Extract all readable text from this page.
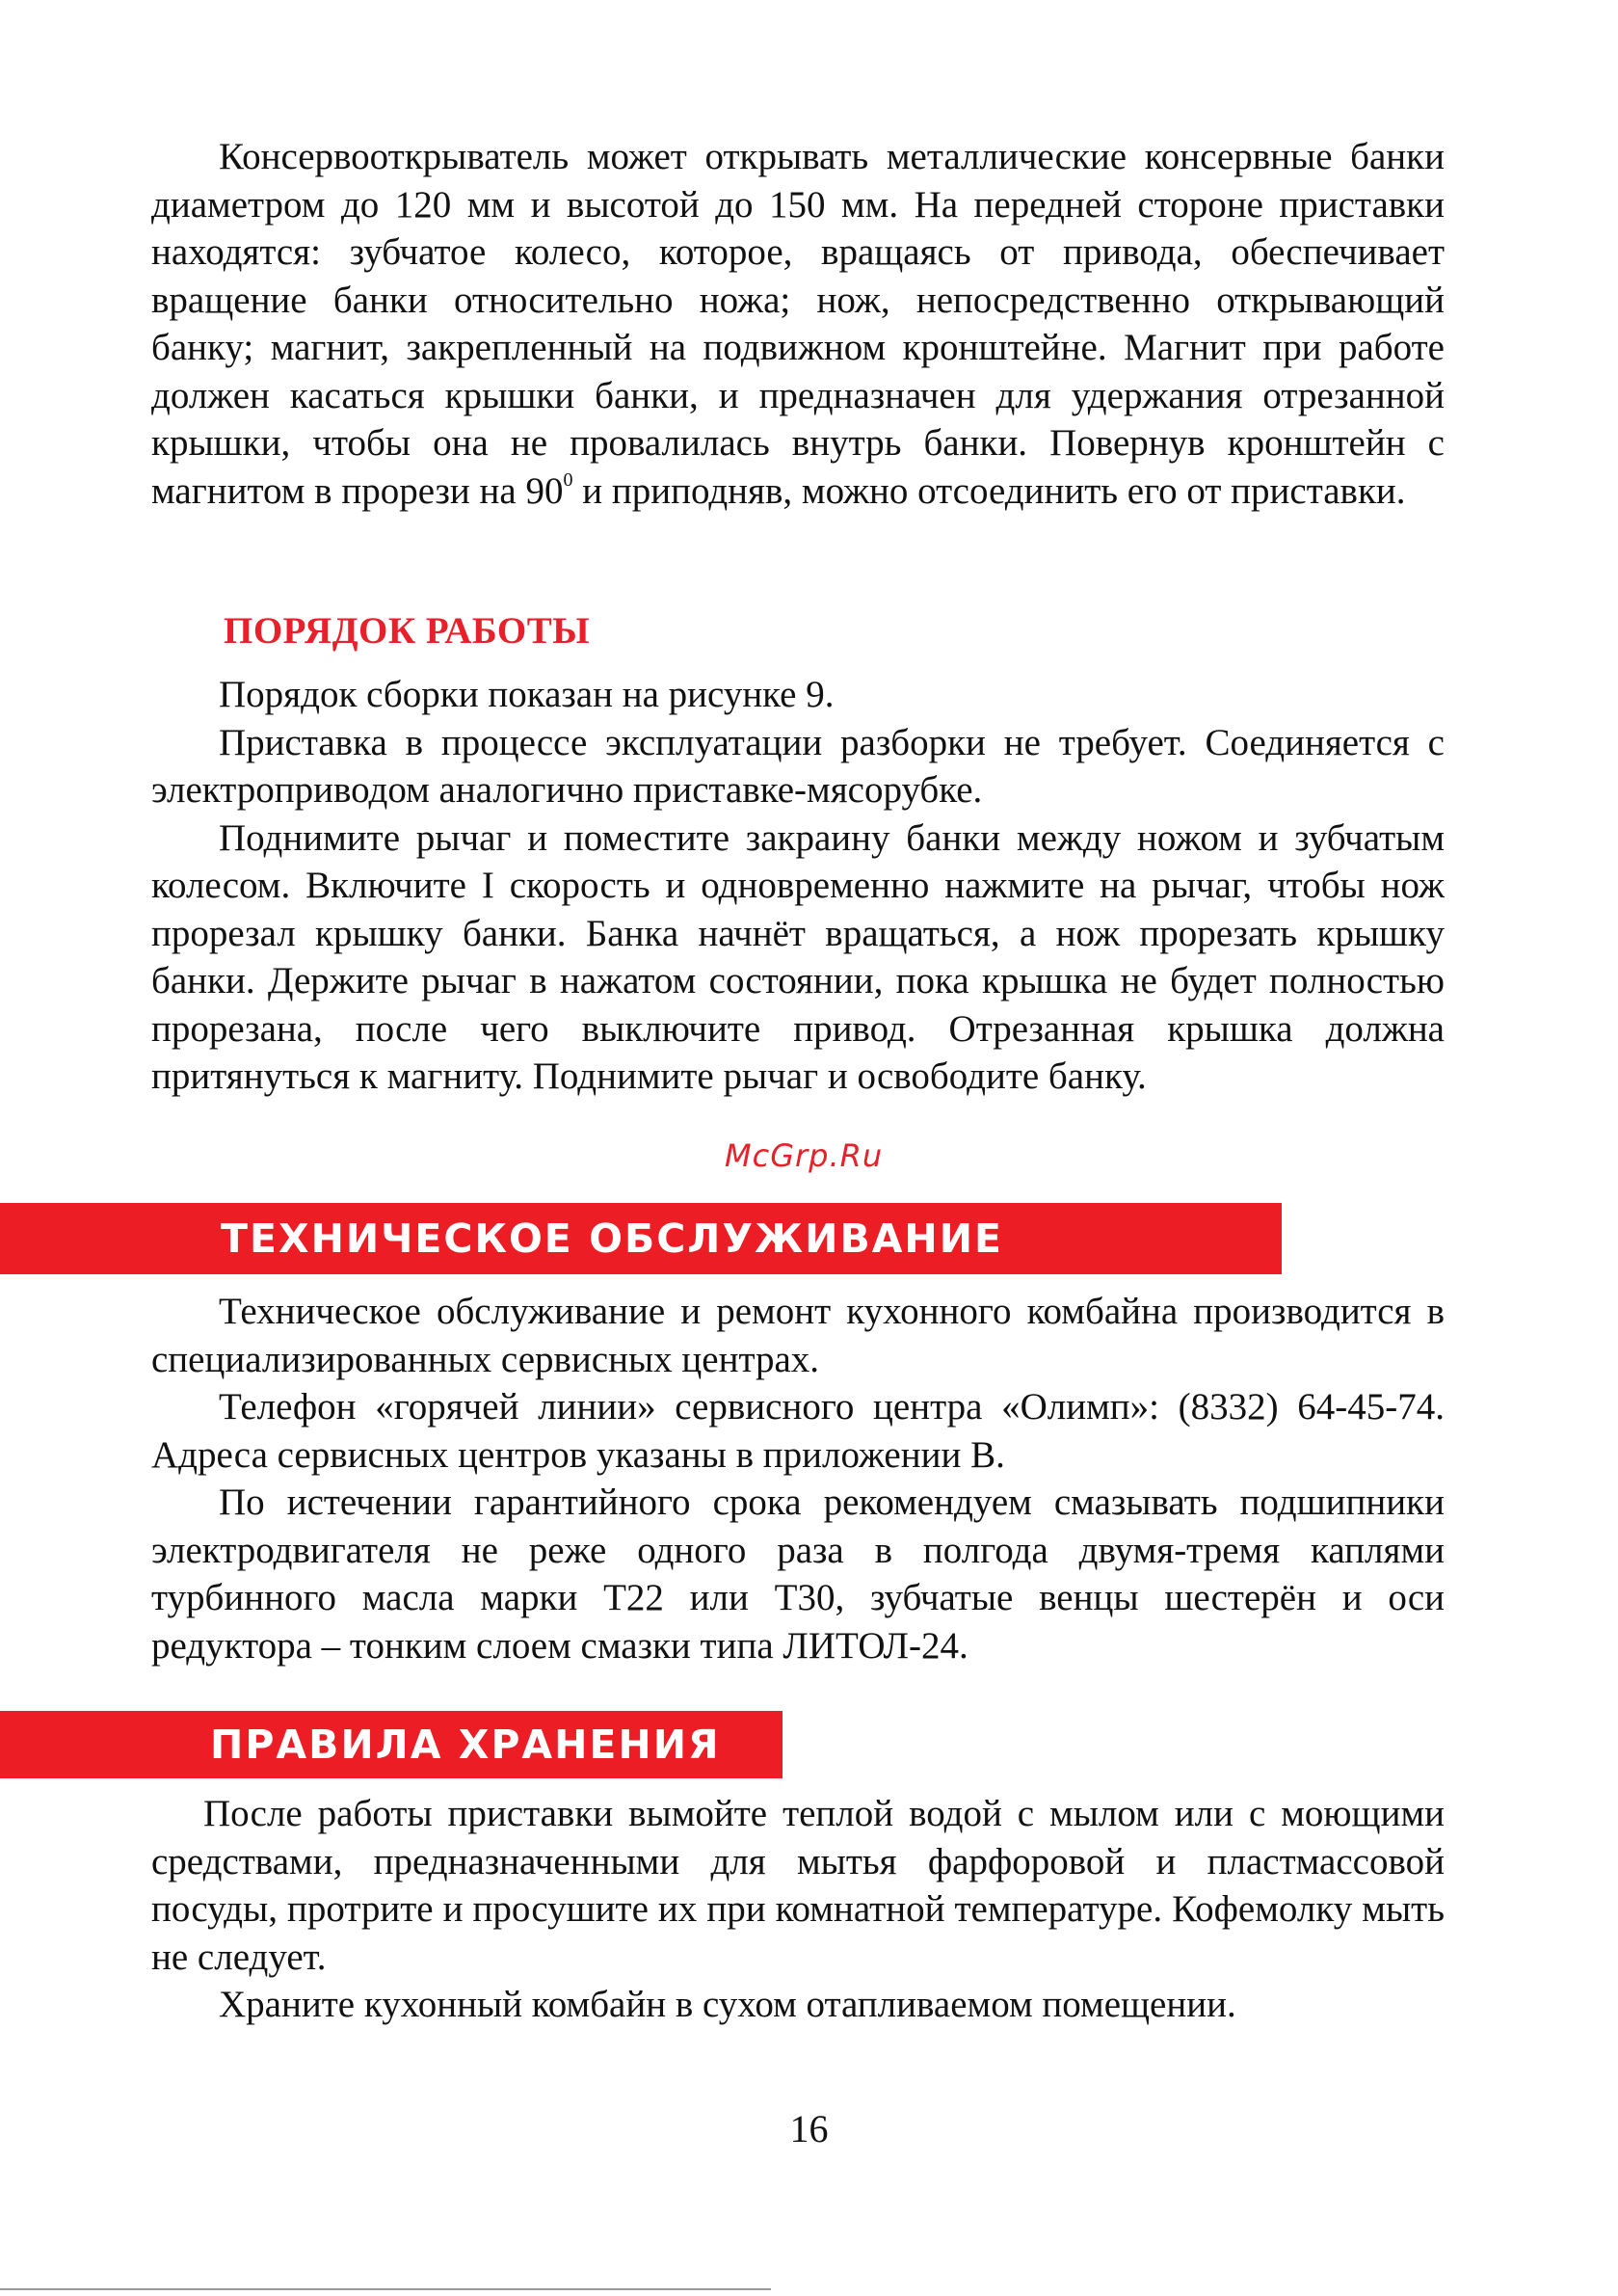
Консервооткрыватель может открывать металлические консервные банки диаметром до 120 мм и высотой до 150 мм. На передней стороне приставки находятся: зубчатое колесо, которое, вращаясь от привода, обеспечивает вращение банки относительно ножа; нож, непосредственно открывающий банку; магнит, закрепленный на подвижном кронштейне. Магнит при работе должен касаться крышки банки, и предназначен для удержания отрезанной крышки, чтобы она не провалилась внутрь банки. Повернув кронштейн с магнитом в прорези на $90^0$ и приподняв, можно отсоединить его от приставки.

ПОРЯДОК РАБОТЫ

Порядок сборки показан на рисунке 9.

Приставка в процессе эксплуатации разборки не требует. Соединяется с электроприводом аналогично приставке-мясорубке.

Поднимите рычаг и поместите закраину банки между ножом и зубчатым колесом. Включите I скорость и одновременно нажмите на рычаг, чтобы нож прорезал крышку банки. Банка начнёт вращаться, а нож прорезать крышку банки. Держите рычаг в нажатом состоянии, пока крышка не будет полностью прорезана, после чего выключите привод. Отрезанная крышка должна притянуться к магниту. Поднимите рычаг и освободите банку.

McGrp.Ru
ТЕХНИЧЕСКОЕ ОБСЛУЖИВАНИЕ

Техническое обслуживание и ремонт кухонного комбайна производится в специализированных сервисных центрах.

Телефон «горячей линии» сервисного центра «Олимп»: (8332) 64-45-74. Адреса сервисных центров указаны в приложении В.

По истечении гарантийного срока рекомендуем смазывать подшипники электродвигателя не реже одного раза в полгода двумя-тремя каплями турбинного масла марки Т22 или Т30, зубчатые венцы шестерён и оси редуктора – тонким слоем смазки типа ЛИТОЛ-24.

ПРАВИЛА ХРАНЕНИЯ

После работы приставки вымойте теплой водой с мылом или с моющими средствами, предназначенными для мытья фарфоровой и пластмассовой посуды, протрите и просушите их при комнатной температуре. Кофемолку мыть не следует.

Храните кухонный комбайн в сухом отапливаемом помещении.

16
